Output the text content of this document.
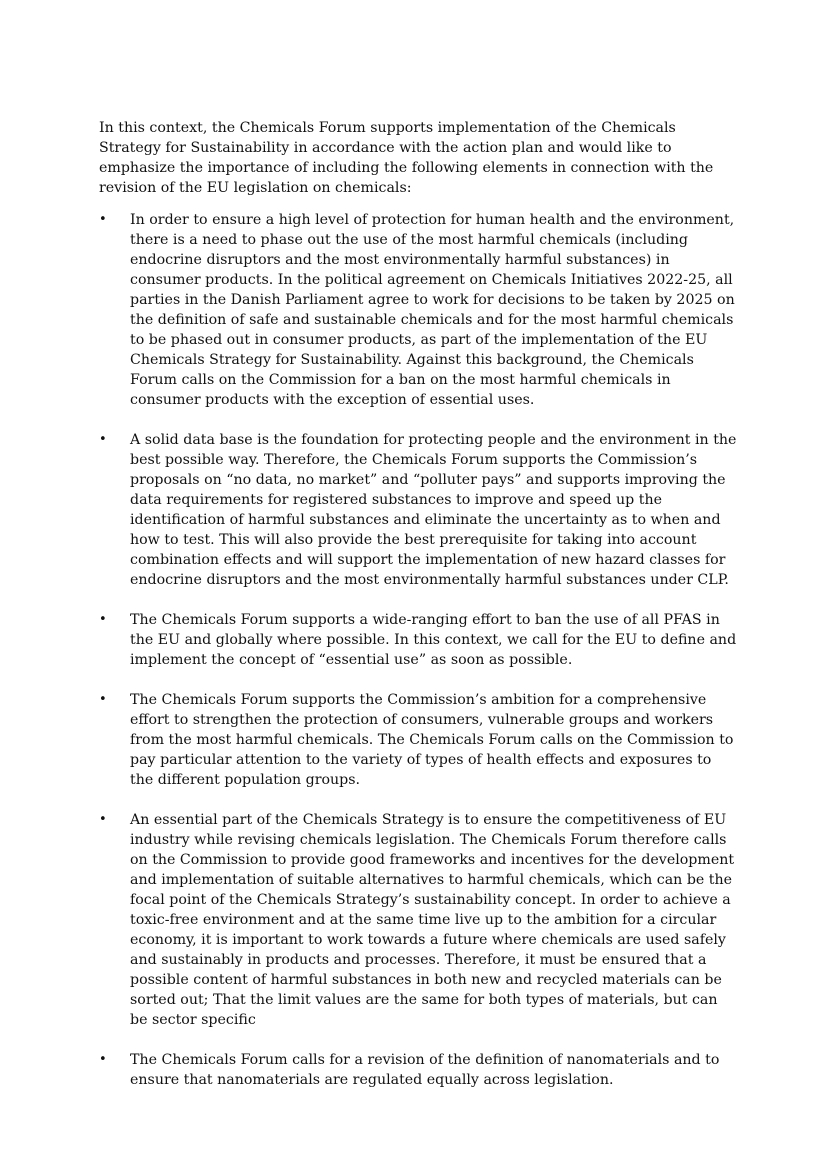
In this context, the Chemicals Forum supports implementation of the Chemicals Strategy for Sustainability in accordance with the action plan and would like to emphasize the importance of including the following elements in connection with the revision of the EU legislation on chemicals:

• In order to ensure a high level of protection for human health and the environment, there is a need to phase out the use of the most harmful chemicals (including endocrine disruptors and the most environmentally harmful substances) in consumer products. In the political agreement on Chemicals Initiatives 2022-25, all parties in the Danish Parliament agree to work for decisions to be taken by 2025 on the definition of safe and sustainable chemicals and for the most harmful chemicals to be phased out in consumer products, as part of the implementation of the EU Chemicals Strategy for Sustainability. Against this background, the Chemicals Forum calls on the Commission for a ban on the most harmful chemicals in consumer products with the exception of essential uses.
• A solid data base is the foundation for protecting people and the environment in the best possible way. Therefore, the Chemicals Forum supports the Commission’s proposals on “no data, no market” and “polluter pays” and supports improving the data requirements for registered substances to improve and speed up the identification of harmful substances and eliminate the uncertainty as to when and how to test. This will also provide the best prerequisite for taking into account combination effects and will support the implementation of new hazard classes for endocrine disruptors and the most environmentally harmful substances under CLP.
• The Chemicals Forum supports a wide-ranging effort to ban the use of all PFAS in the EU and globally where possible. In this context, we call for the EU to define and implement the concept of “essential use” as soon as possible.
• The Chemicals Forum supports the Commission’s ambition for a comprehensive effort to strengthen the protection of consumers, vulnerable groups and workers from the most harmful chemicals. The Chemicals Forum calls on the Commission to pay particular attention to the variety of types of health effects and exposures to the different population groups.
• An essential part of the Chemicals Strategy is to ensure the competitiveness of EU industry while revising chemicals legislation. The Chemicals Forum therefore calls on the Commission to provide good frameworks and incentives for the development and implementation of suitable alternatives to harmful chemicals, which can be the focal point of the Chemicals Strategy’s sustainability concept. In order to achieve a toxic-free environment and at the same time live up to the ambition for a circular economy, it is important to work towards a future where chemicals are used safely and sustainably in products and processes. Therefore, it must be ensured that a possible content of harmful substances in both new and recycled materials can be sorted out; That the limit values are the same for both types of materials, but can be sector specific
• The Chemicals Forum calls for a revision of the definition of nanomaterials and to ensure that nanomaterials are regulated equally across legislation.
